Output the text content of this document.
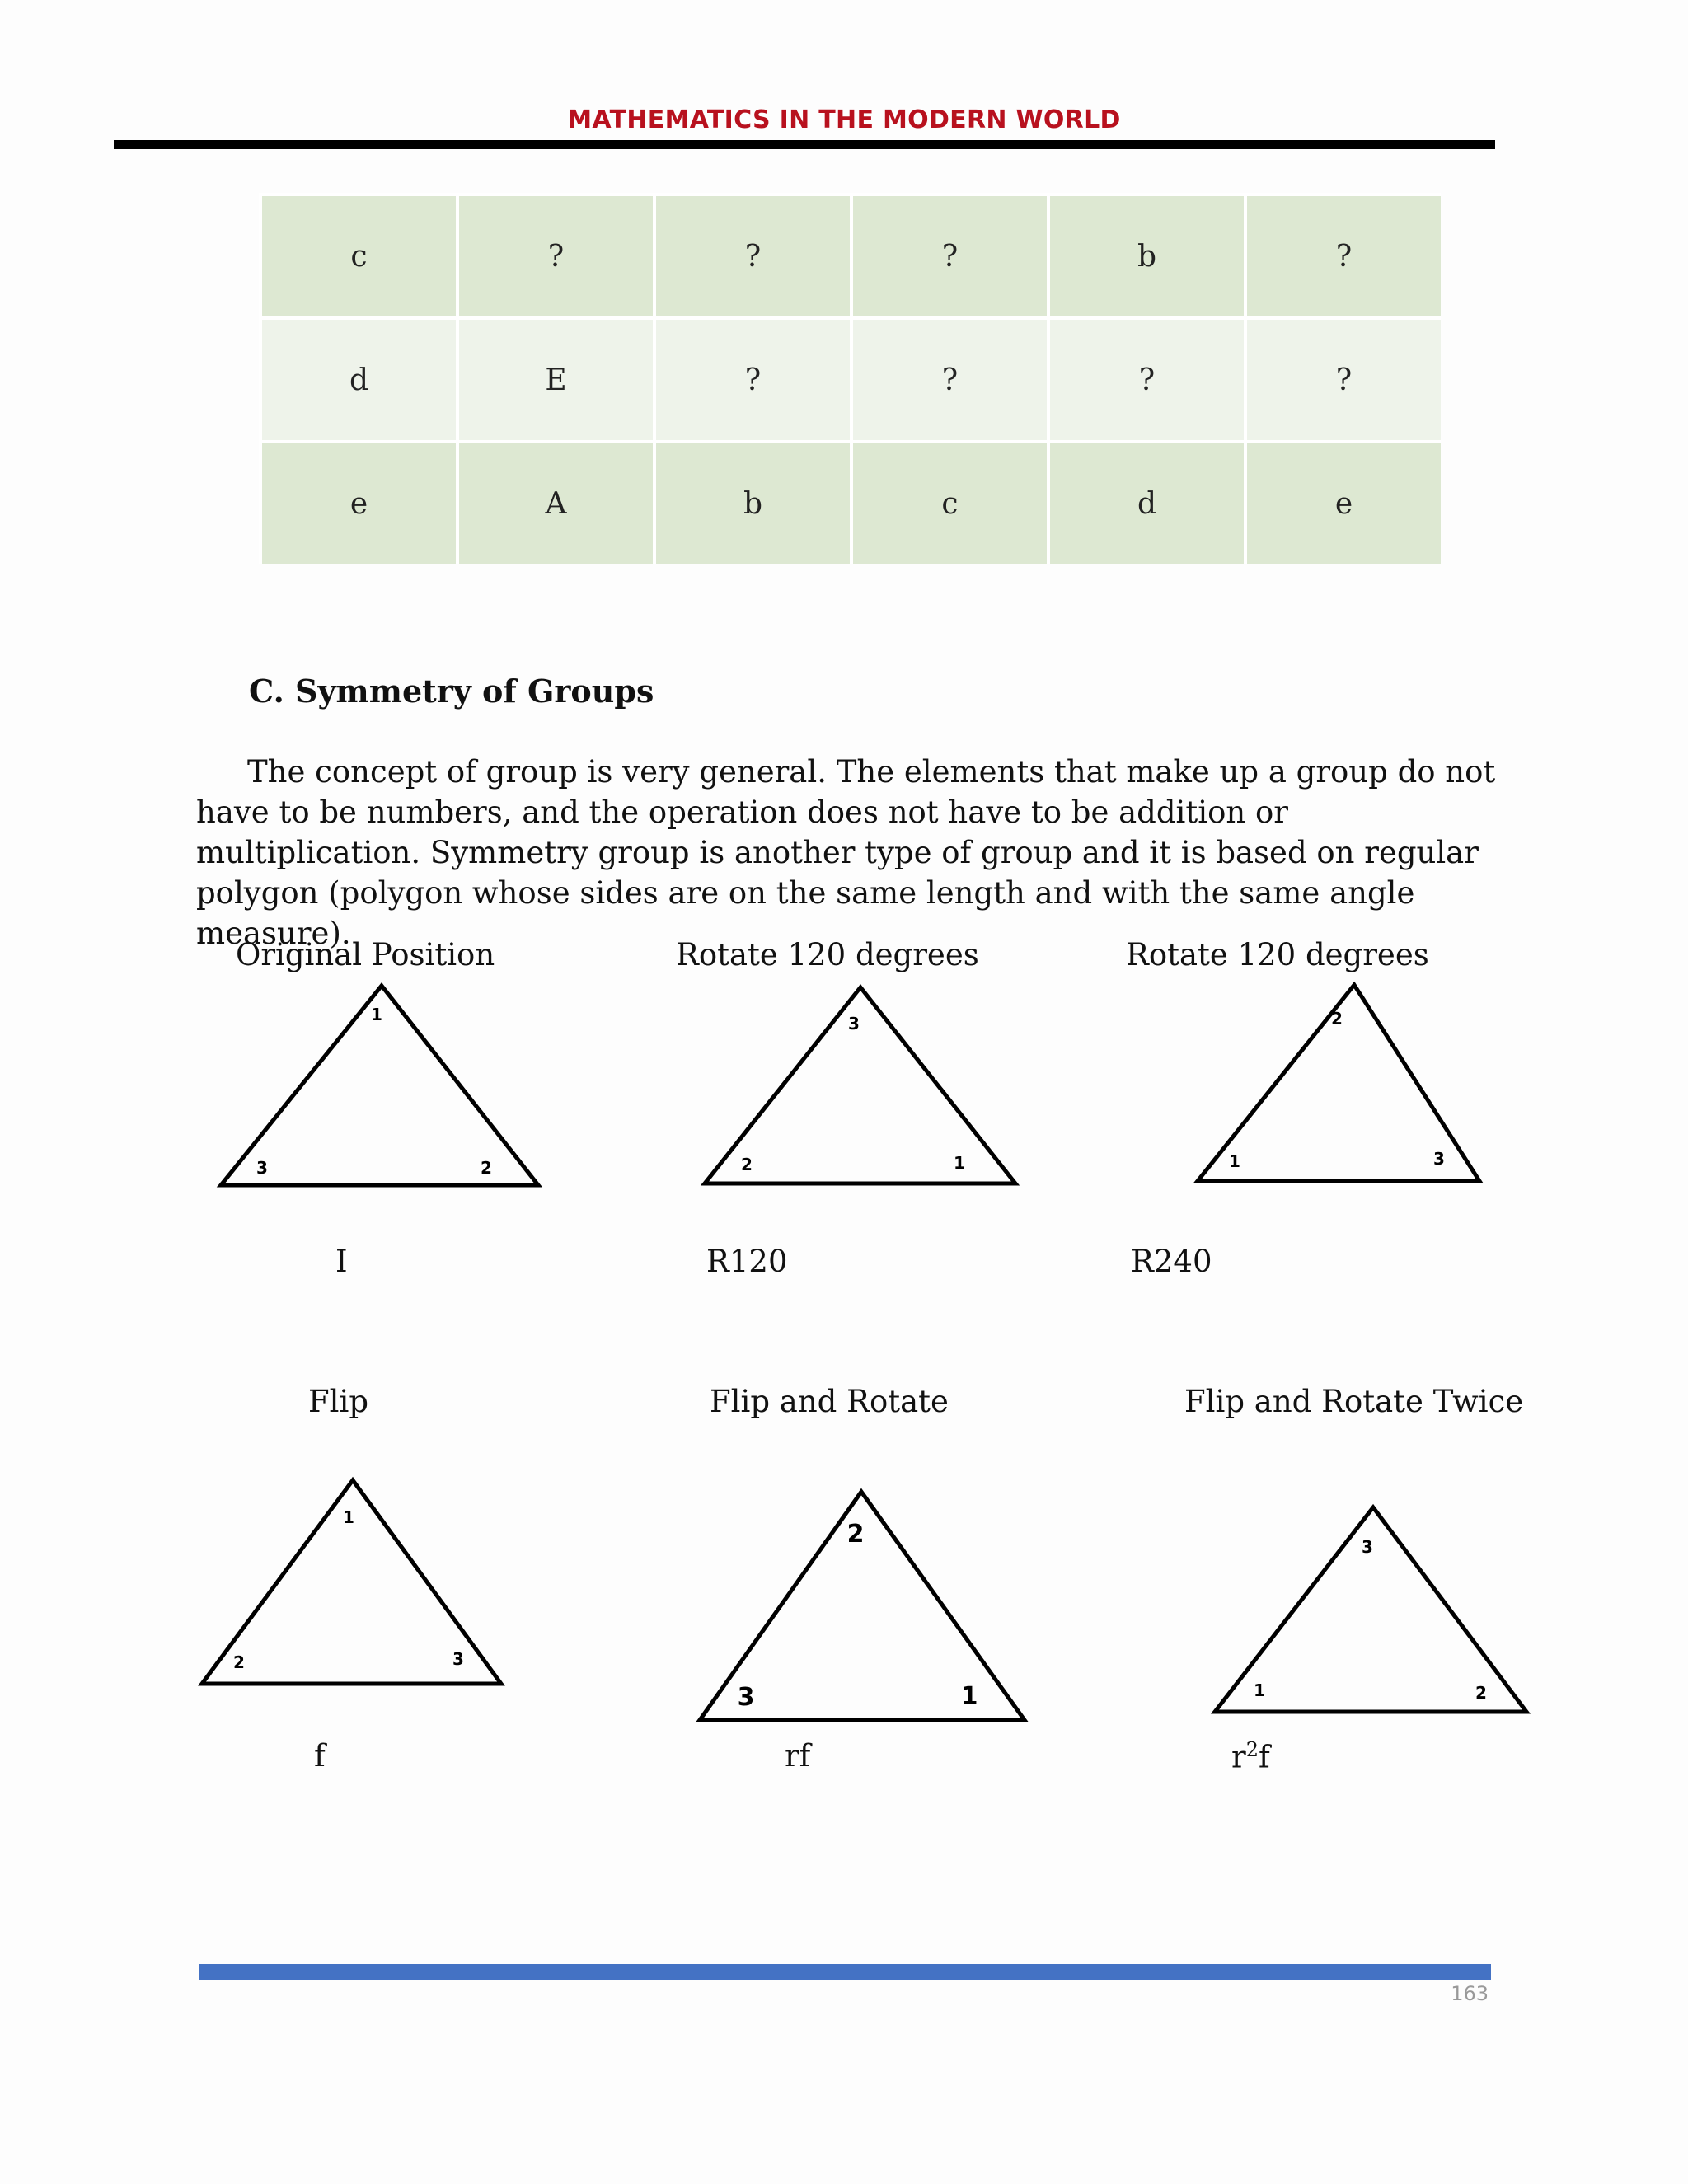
MATHEMATICS IN THE MODERN WORLD
c	?	?	?	b	?
d	E	?	?	?	?
e	A	b	c	d	e
C. Symmetry of Groups

The concept of group is very general. The elements that make up a group do not have to be numbers, and the operation does not have to be addition or multiplication. Symmetry group is another type of group and it is based on regular polygon (polygon whose sides are on the same length and with the same angle measure).

Original Position	Rotate 120 degrees	Rotate 120 degrees
Flip	Flip and Rotate	Flip and Rotate Twice
I	R120	R240
f	rf	$r^2f$
1
3	2
3
2	1
2
1	3
1
2	3
2
3	1
3
1	2
163
